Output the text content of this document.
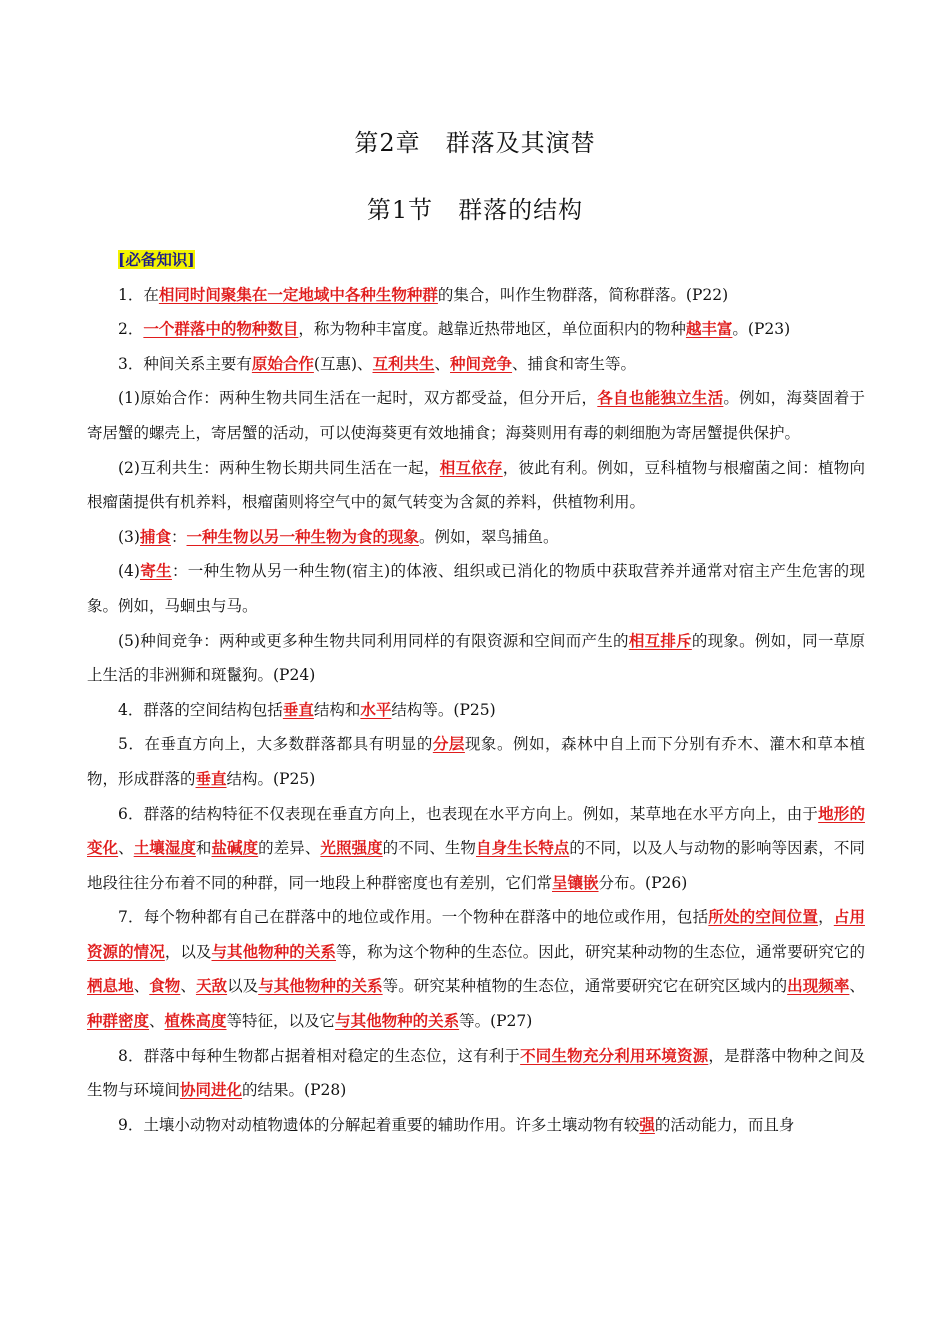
第2章　群落及其演替
第1节　群落的结构

[必备知识]

1．在相同时间聚集在一定地域中各种生物种群的集合，叫作生物群落，简称群落。(P22)

2．一个群落中的物种数目，称为物种丰富度。越靠近热带地区，单位面积内的物种越丰富。(P23)

3．种间关系主要有原始合作(互惠)、互利共生、种间竞争、捕食和寄生等。

(1)原始合作：两种生物共同生活在一起时，双方都受益，但分开后，各自也能独立生活。例如，海葵固着于寄居蟹的螺壳上，寄居蟹的活动，可以使海葵更有效地捕食；海葵则用有毒的刺细胞为寄居蟹提供保护。

(2)互利共生：两种生物长期共同生活在一起，相互依存，彼此有利。例如，豆科植物与根瘤菌之间：植物向根瘤菌提供有机养料，根瘤菌则将空气中的氮气转变为含氮的养料，供植物利用。

(3)捕食：一种生物以另一种生物为食的现象。例如，翠鸟捕鱼。

(4)寄生：一种生物从另一种生物(宿主)的体液、组织或已消化的物质中获取营养并通常对宿主产生危害的现象。例如，马蛔虫与马。

(5)种间竞争：两种或更多种生物共同利用同样的有限资源和空间而产生的相互排斥的现象。例如，同一草原上生活的非洲狮和斑鬣狗。(P24)

4．群落的空间结构包括垂直结构和水平结构等。(P25)

5．在垂直方向上，大多数群落都具有明显的分层现象。例如，森林中自上而下分别有乔木、灌木和草本植物，形成群落的垂直结构。(P25)

6．群落的结构特征不仅表现在垂直方向上，也表现在水平方向上。例如，某草地在水平方向上，由于地形的变化、土壤湿度和盐碱度的差异、光照强度的不同、生物自身生长特点的不同，以及人与动物的影响等因素，不同地段往往分布着不同的种群，同一地段上种群密度也有差别，它们常呈镶嵌分布。(P26)

7．每个物种都有自己在群落中的地位或作用。一个物种在群落中的地位或作用，包括所处的空间位置，占用资源的情况，以及与其他物种的关系等，称为这个物种的生态位。因此，研究某种动物的生态位，通常要研究它的栖息地、食物、天敌以及与其他物种的关系等。研究某种植物的生态位，通常要研究它在研究区域内的出现频率、种群密度、植株高度等特征，以及它与其他物种的关系等。(P27)

8．群落中每种生物都占据着相对稳定的生态位，这有利于不同生物充分利用环境资源，是群落中物种之间及生物与环境间协同进化的结果。(P28)

9．土壤小动物对动植物遗体的分解起着重要的辅助作用。许多土壤动物有较强的活动能力，而且身
